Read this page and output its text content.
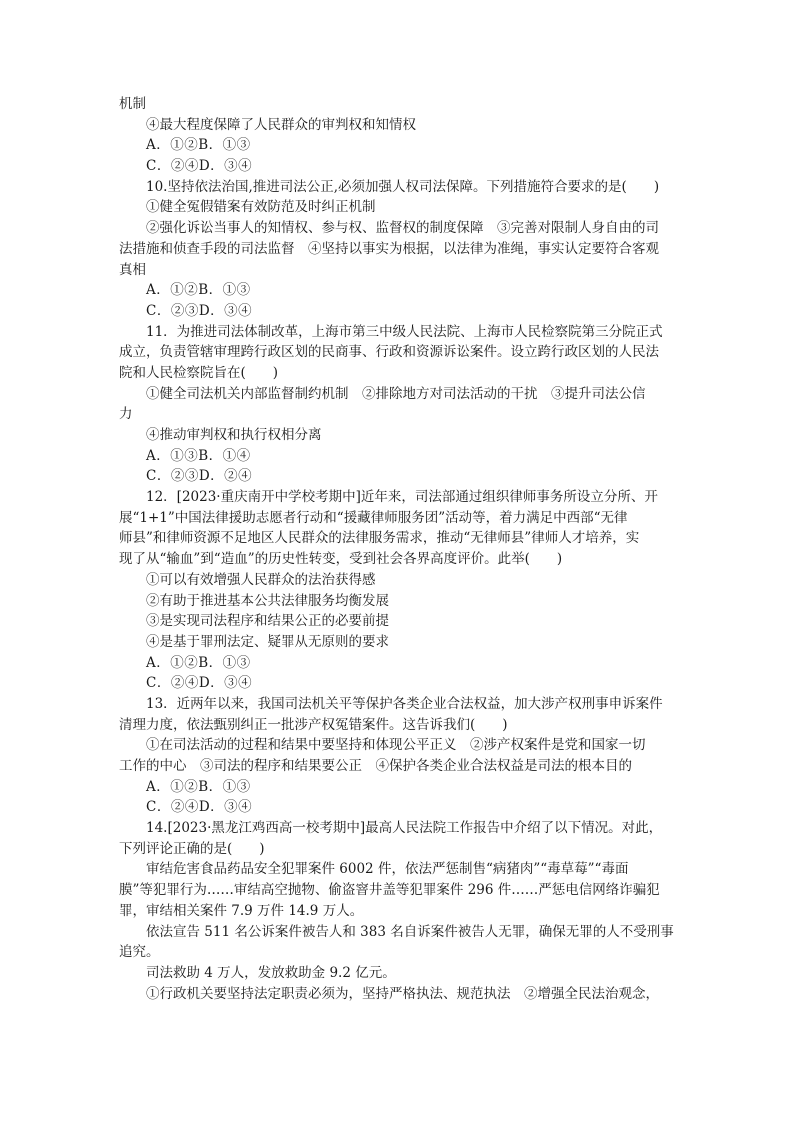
机制
④最大程度保障了人民群众的审判权和知情权
A．①②B．①③
C．②④D．③④
10.坚持依法治国,推进司法公正,必须加强人权司法保障。下列措施符合要求的是(　　)
①健全冤假错案有效防范及时纠正机制
②强化诉讼当事人的知情权、参与权、监督权的制度保障　③完善对限制人身自由的司
法措施和侦查手段的司法监督　④坚持以事实为根据，以法律为准绳，事实认定要符合客观
真相
A．①②B．①③
C．②③D．③④
11．为推进司法体制改革，上海市第三中级人民法院、上海市人民检察院第三分院正式
成立，负责管辖审理跨行政区划的民商事、行政和资源诉讼案件。设立跨行政区划的人民法
院和人民检察院旨在(　　)
①健全司法机关内部监督制约机制　②排除地方对司法活动的干扰　③提升司法公信
力
④推动审判权和执行权相分离
A．①③B．①④
C．②③D．②④
12．[2023·重庆南开中学校考期中]近年来，司法部通过组织律师事务所设立分所、开
展“1+1”中国法律援助志愿者行动和“援藏律师服务团”活动等，着力满足中西部“无律
师县”和律师资源不足地区人民群众的法律服务需求，推动“无律师县”律师人才培养，实
现了从“输血”到“造血”的历史性转变，受到社会各界高度评价。此举(　　)
①可以有效增强人民群众的法治获得感
②有助于推进基本公共法律服务均衡发展
③是实现司法程序和结果公正的必要前提
④是基于罪刑法定、疑罪从无原则的要求
A．①②B．①③
C．②④D．③④
13．近两年以来，我国司法机关平等保护各类企业合法权益，加大涉产权刑事申诉案件
清理力度，依法甄别纠正一批涉产权冤错案件。这告诉我们(　　)
①在司法活动的过程和结果中要坚持和体现公平正义　②涉产权案件是党和国家一切
工作的中心　③司法的程序和结果要公正　④保护各类企业合法权益是司法的根本目的
A．①②B．①③
C．②④D．③④
14.[2023·黑龙江鸡西高一校考期中]最高人民法院工作报告中介绍了以下情况。对此，
下列评论正确的是(　　)
审结危害食品药品安全犯罪案件 6002 件，依法严惩制售“病猪肉”“毒草莓”“毒面
膜”等犯罪行为……审结高空抛物、偷盗窨井盖等犯罪案件 296 件……严惩电信网络诈骗犯
罪，审结相关案件 7.9 万件 14.9 万人。
依法宣告 511 名公诉案件被告人和 383 名自诉案件被告人无罪，确保无罪的人不受刑事
追究。
司法救助 4 万人，发放救助金 9.2 亿元。
①行政机关要坚持法定职责必须为，坚持严格执法、规范执法　②增强全民法治观念，
